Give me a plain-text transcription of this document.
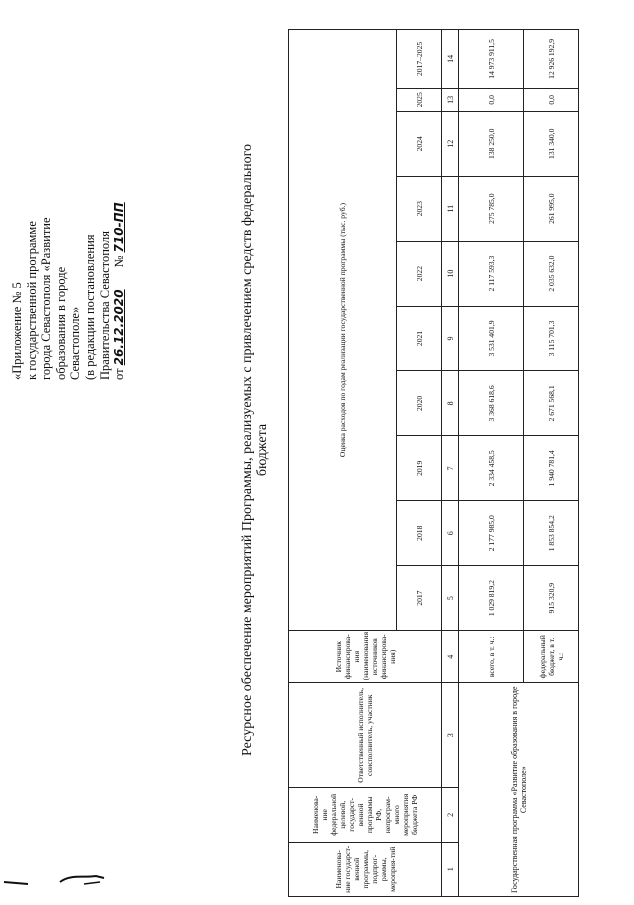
«Приложение № 5 к государственной программе города Севастополя «Развитие образования в городе Севастополе» (в редакции постановления Правительства Севастополя от 26.12.2020       № 710-ПП	Ресурсное обеспечение мероприятий Программы, реализуемых с привлечением средств федерального бюджета
Наименова-ние государст-венной программы, подпрог-раммы, мероприя-тий	Наименова-ние федеральной целевой, государст-венной программы РФ, непрограм-много мероприятия бюджета РФ	Ответственный исполнитель, соисполнитель, участник	Источник финансирова-ния (наименования источников финансирова-ния)	Оценка расходов по годам реализации государственной программы (тыс. руб.)									
				2017	2018	2019	2020	2021	2022	2023	2024	2025	2017–2025
1	2	3	4	5	6	7	8	9	10	11	12	13	14
Государственная программа «Развитие образования в городе Севастополе»			всего, в т. ч.:	1 029 819,2	2 177 985,0	2 334 458,5	3 368 618,6	3 531 401,9	2 117 593,3	275 785,0	138 250,0	0,0	14 973 911,5
			федеральный бюджет, в т. ч.:	915 320,9	1 853 854,2	1 940 781,4	2 671 568,1	3 115 701,3	2 035 632,0	261 995,0	131 340,0	0,0	12 926 192,9
